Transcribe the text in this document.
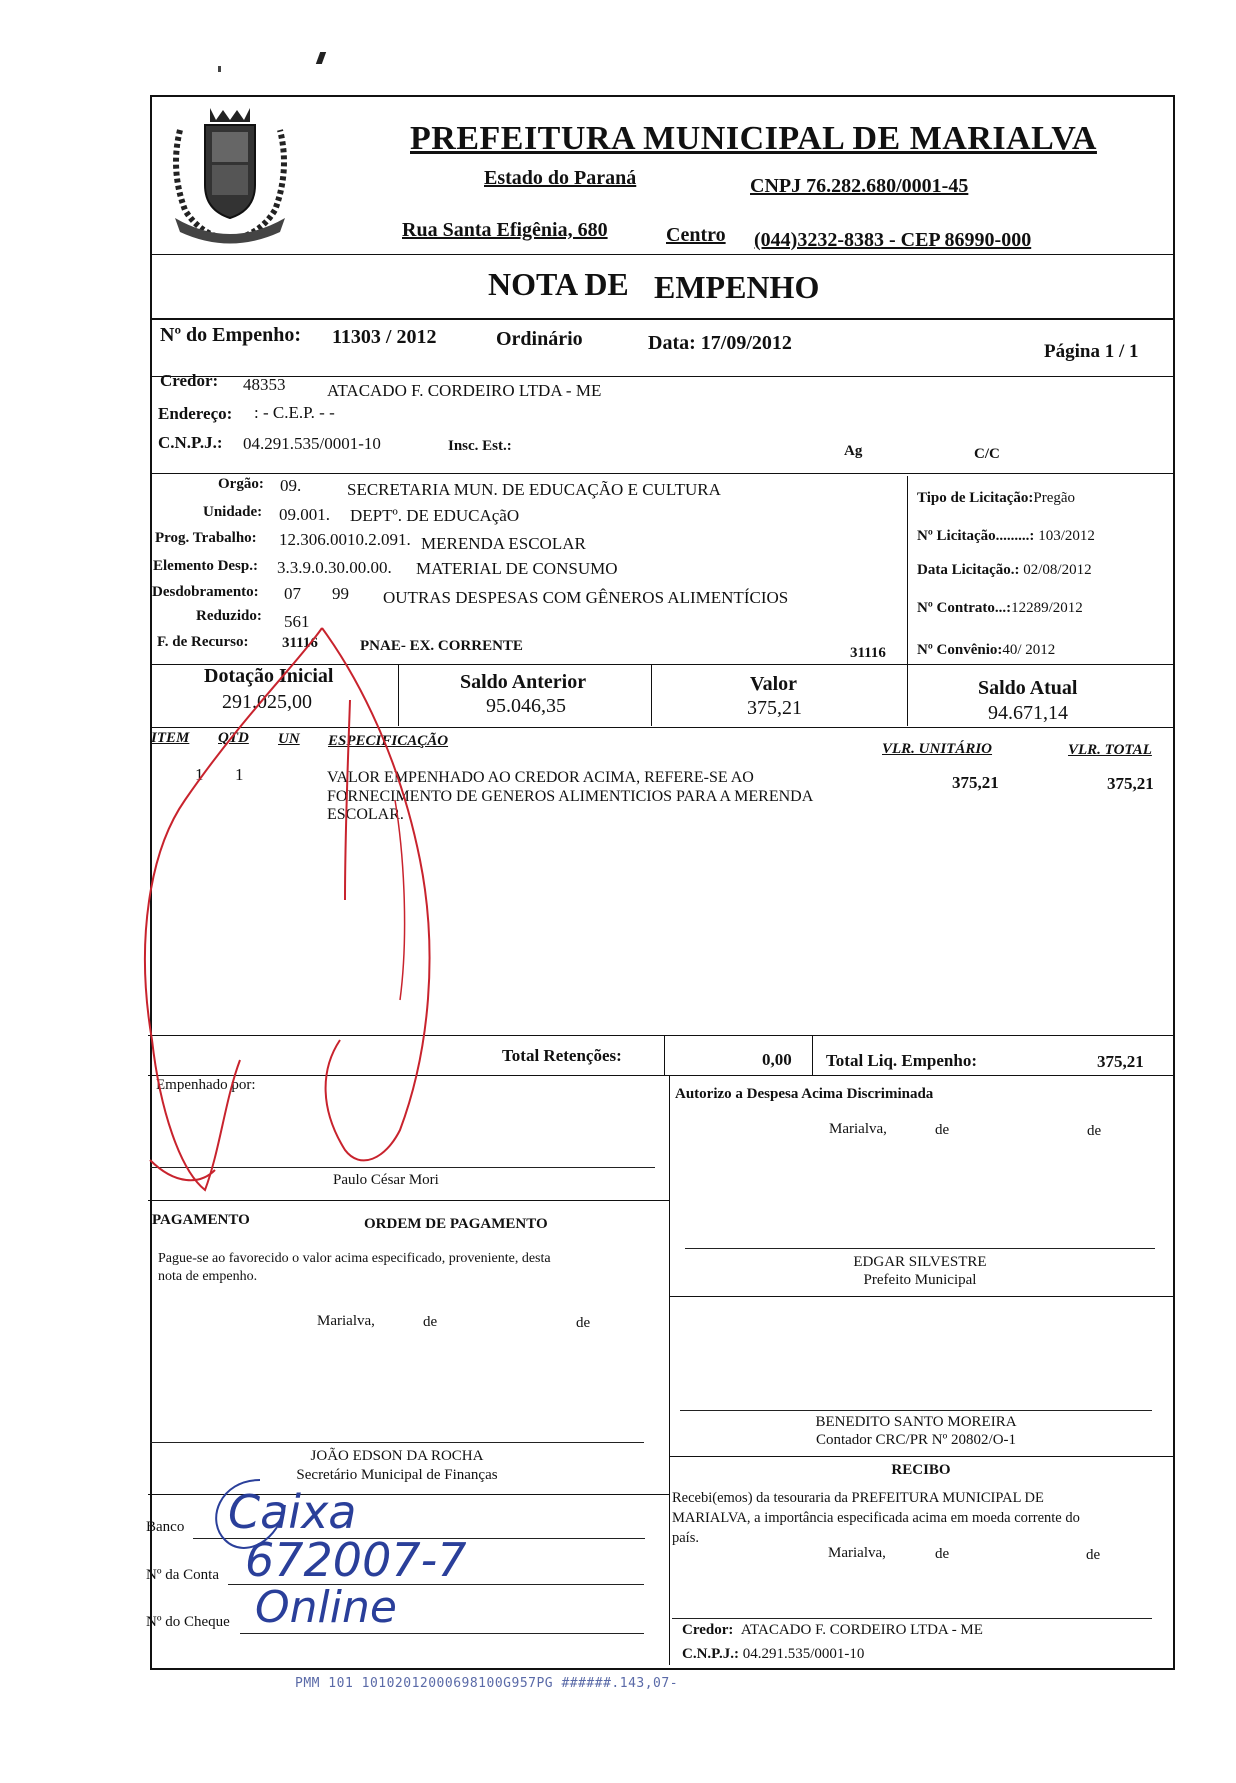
PREFEITURA MUNICIPAL DE MARIALVA
Estado do Paraná	CNPJ 76.282.680/0001-45
Rua Santa Efigênia, 680	Centro (044)3232-8383 - CEP 86990-000
NOTA DE EMPENHO
Nº do Empenho: 11303 / 2012	Ordinário	Data: 17/09/2012	Página 1 / 1
Credor: 48353 ATACADO F. CORDEIRO LTDA - ME
Endereço: : - C.E.P. - -
C.N.P.J.: 04.291.535/0001-10	Insc. Est.:	Ag	C/C
Orgão: 09.	SECRETARIA MUN. DE EDUCAÇÃO E CULTURA
Unidade: 09.001. DEPTº. DE EDUCAçãO
Prog. Trabalho: 12.306.0010.2.091. MERENDA ESCOLAR
Elemento Desp.: 3.3.9.0.30.00.00. MATERIAL DE CONSUMO
Desdobramento: 07 99 OUTRAS DESPESAS COM GÊNEROS ALIMENTÍCIOS
Reduzido: 561
F. de Recurso: 31116	PNAE- EX. CORRENTE	31116
Tipo de Licitação:Pregão
Nº Licitação.........: 103/2012
Data Licitação.: 02/08/2012
Nº Contrato...:12289/2012
Nº Convênio:40/ 2012
Dotação Inicial
291.025,00
Saldo Anterior
95.046,35
Valor
375,21
Saldo Atual
94.671,14
ITEM QTD UN ESPECIFICAÇÃO	VLR. UNITÁRIO	VLR. TOTAL
1 1	VALOR EMPENHADO AO CREDOR ACIMA, REFERE-SE AO
FORNECIMENTO DE GENEROS ALIMENTICIOS PARA A MERENDA
ESCOLAR.
375,21	375,21
Total Retenções:	0,00 Total Liq. Empenho:	375,21
Empenhado por:
Paulo César Mori
Autorizo a Despesa Acima Discriminada
Marialva,	de	de
PAGAMENTO	ORDEM DE PAGAMENTO
Pague-se ao favorecido o valor acima especificado, proveniente, desta
nota de empenho.
Marialva,	de	de
EDGAR SILVESTRE
Prefeito Municipal
BENEDITO SANTO MOREIRA
Contador CRC/PR Nº 20802/O-1
JOÃO EDSON DA ROCHA
Secretário Municipal de Finanças	RECIBO
Recebi(emos) da tesouraria da PREFEITURA MUNICIPAL DE
MARIALVA, a importância especificada acima em moeda corrente do
país.
Marialva,	de	de
Credor: ATACADO F. CORDEIRO LTDA - ME
C.N.P.J.: 04.291.535/0001-10
Banco Caixa
Nº da Conta 672007-7
Nº do Cheque Online
PMM 101 10102012000698100G957PG ######.143,07-
